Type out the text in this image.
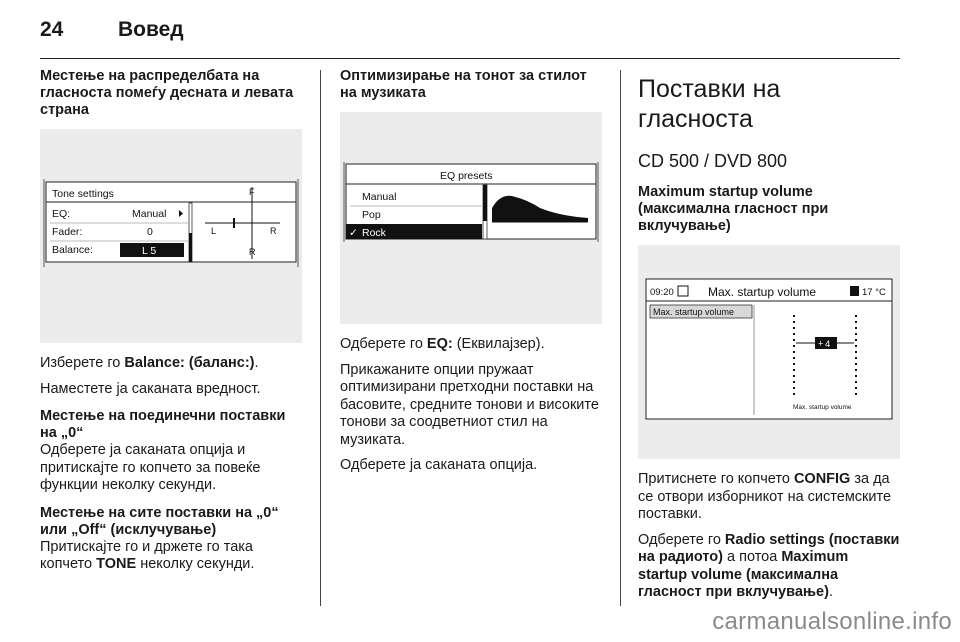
24	Вовед

Местење на распределбата на гласноста помеѓу десната и левата страна

Tone settings
EQ:	Manual
Fader:	0
Balance:	L 5
F
R
L	R

Изберете го Balance: (баланс:).

Наместете ја саканата вредност.

Местење на поединечни поставки на „0“

Одберете ја саканата опција и притискајте го копчето за повеќе функции неколку секунди.

Местење на сите поставки на „0“ или „Off“ (исклучување)

Притискајте го и држете го така копчето TONE неколку секунди.

Оптимизирање на тонот за стилот на музиката

EQ presets
Manual
Pop
✓ Rock

Одберете го EQ: (Еквилајзер).

Прикажаните опции пружаат оптимизирани претходни поставки на басовите, средните тонови и високите тонови за соодветниот стил на музиката.

Одберете ја саканата опција.

Поставки на гласноста

CD 500 / DVD 800

Maximum startup volume (максимална гласност при вклучување)

09:20	Max. startup volume	17 °C
Max. startup volume
+ 4
Max. startup volume

Притиснете го копчето CONFIG за да се отвори изборникот на системските поставки.

Одберете го Radio settings (поставки на радиото) а потоа Maximum startup volume (максимална гласност при вклучување).

carmanualsonline.info
